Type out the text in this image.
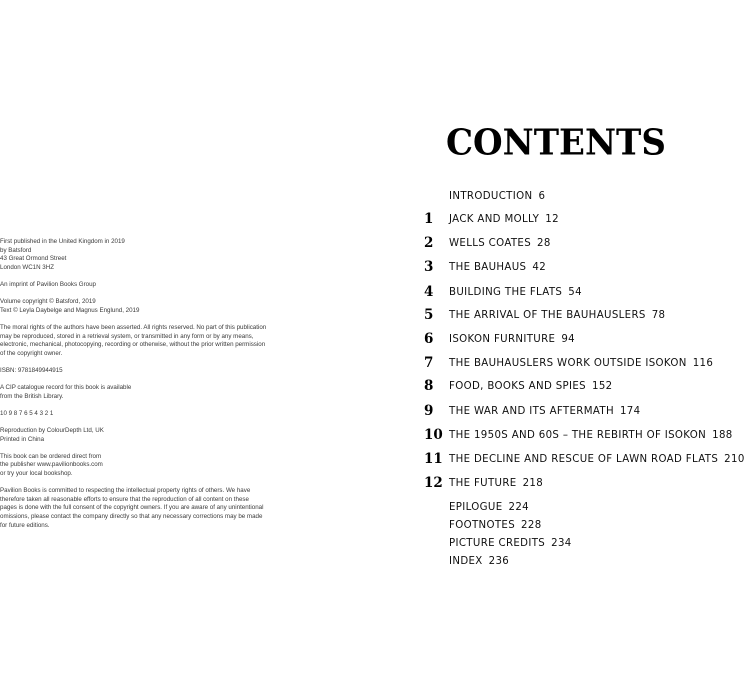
First published in the United Kingdom in 2019
by Batsford
43 Great Ormond Street
London WC1N 3HZ
An imprint of Pavilion Books Group
Volume copyright © Batsford, 2019
Text © Leyla Daybelge and Magnus Englund, 2019
The moral rights of the authors have been asserted. All rights reserved. No part of this publication
may be reproduced, stored in a retrieval system, or transmitted in any form or by any means,
electronic, mechanical, photocopying, recording or otherwise, without the prior written permission
of the copyright owner.
ISBN: 9781849944915
A CIP catalogue record for this book is available
from the British Library.
10 9 8 7 6 5 4 3 2 1
Reproduction by ColourDepth Ltd, UK
Printed in China
This book can be ordered direct from
the publisher www.pavilionbooks.com
or try your local bookshop.
Pavilion Books is committed to respecting the intellectual property rights of others. We have
therefore taken all reasonable efforts to ensure that the reproduction of all content on these
pages is done with the full consent of the copyright owners. If you are aware of any unintentional
omissions, please contact the company directly so that any necessary corrections may be made
for future editions.
CONTENTS
INTRODUCTION 6
1	JACK AND MOLLY 12
2	WELLS COATES 28
3	THE BAUHAUS 42
4	BUILDING THE FLATS 54
5	THE ARRIVAL OF THE BAUHAUSLERS 78
6	ISOKON FURNITURE 94
7	THE BAUHAUSLERS WORK OUTSIDE ISOKON 116
8	FOOD, BOOKS AND SPIES 152
9	THE WAR AND ITS AFTERMATH 174
10 THE 1950S AND 60S – THE REBIRTH OF ISOKON 188
11 THE DECLINE AND RESCUE OF LAWN ROAD FLATS 210
12 THE FUTURE 218
EPILOGUE 224
FOOTNOTES 228
PICTURE CREDITS 234
INDEX 236
